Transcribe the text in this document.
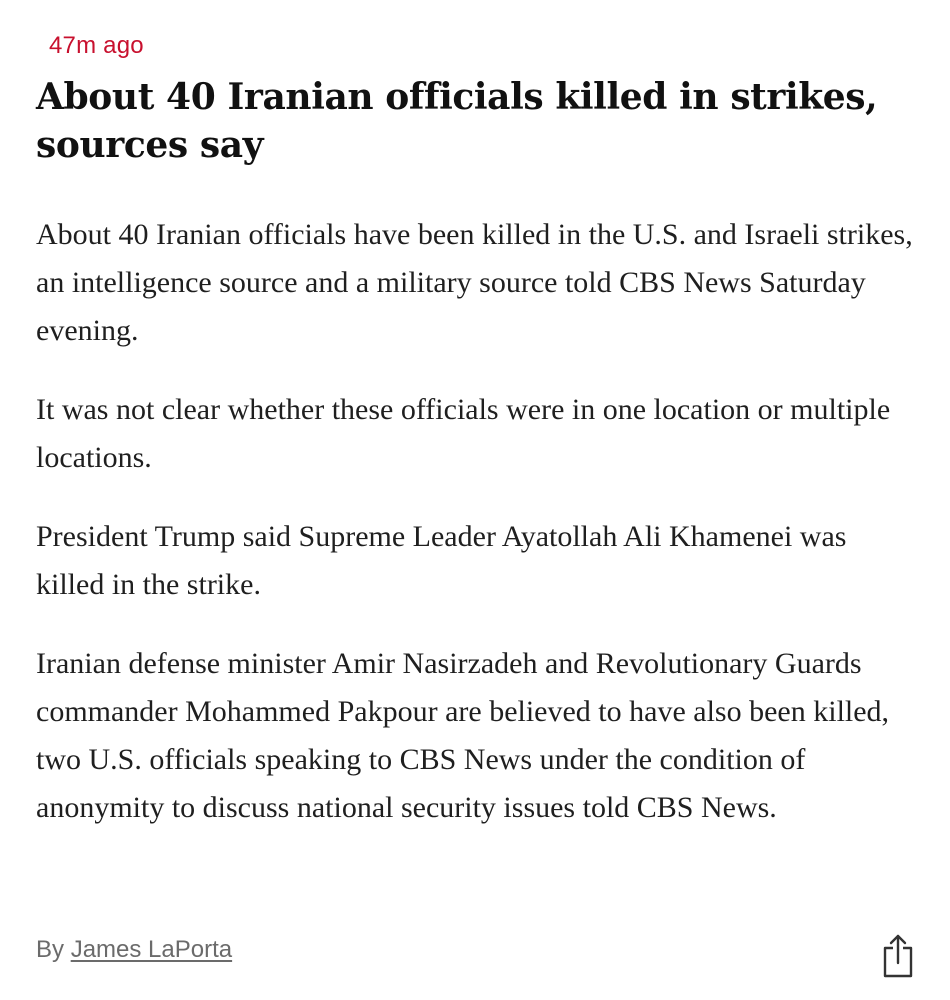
47m ago
About 40 Iranian officials killed in strikes, sources say

About 40 Iranian officials have been killed in the U.S. and Israeli strikes, an intelligence source and a military source told CBS News Saturday evening.

It was not clear whether these officials were in one location or multiple locations.

President Trump said Supreme Leader Ayatollah Ali Khamenei was killed in the strike.

Iranian defense minister Amir Nasirzadeh and Revolutionary Guards commander Mohammed Pakpour are believed to have also been killed, two U.S. officials speaking to CBS News under the condition of anonymity to discuss national security issues told CBS News.

By James LaPorta
